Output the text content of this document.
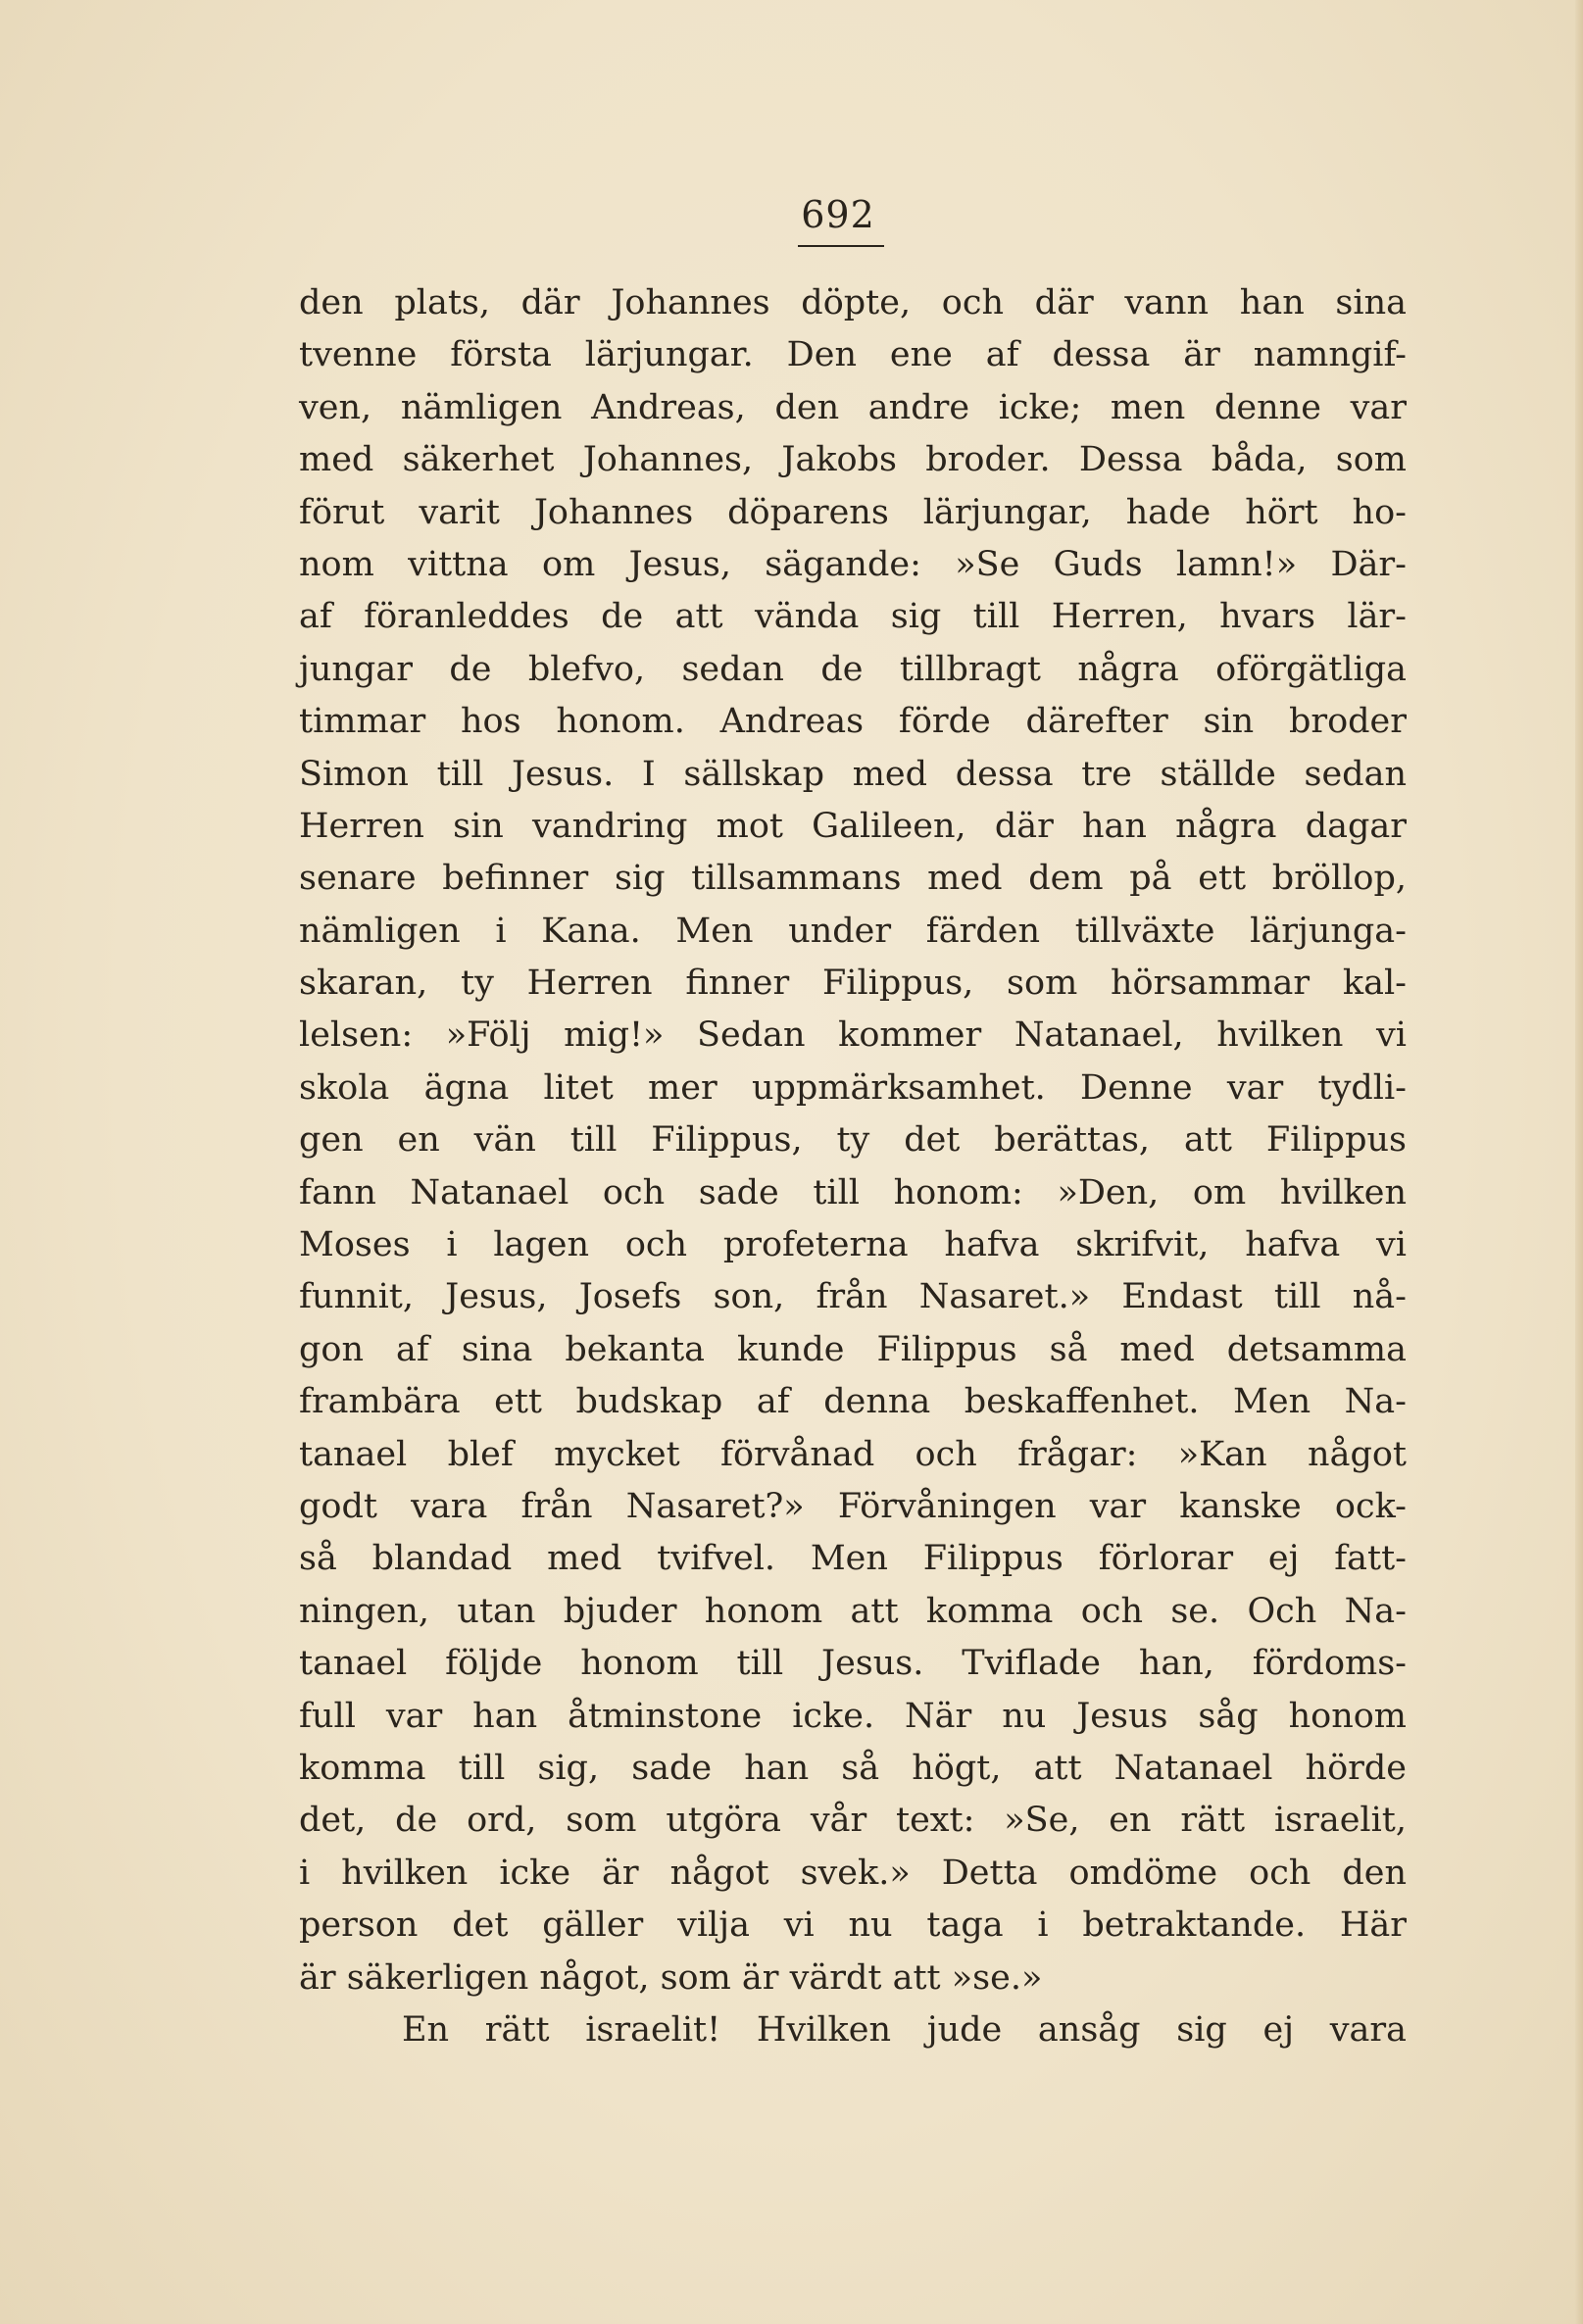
692
den plats, där Johannes döpte, och där vann han sina
tvenne första lärjungar. Den ene af dessa är namngif-
ven, nämligen Andreas, den andre icke; men denne var
med säkerhet Johannes, Jakobs broder. Dessa båda, som
förut varit Johannes döparens lärjungar, hade hört ho-
nom vittna om Jesus, sägande: »Se Guds lamn!» Där-
af föranleddes de att vända sig till Herren, hvars lär-
jungar de blefvo, sedan de tillbragt några oförgätliga
timmar hos honom. Andreas förde därefter sin broder
Simon till Jesus. I sällskap med dessa tre ställde sedan
Herren sin vandring mot Galileen, där han några dagar
senare befinner sig tillsammans med dem på ett bröllop,
nämligen i Kana. Men under färden tillväxte lärjunga-
skaran, ty Herren finner Filippus, som hörsammar kal-
lelsen: »Följ mig!» Sedan kommer Natanael, hvilken vi
skola ägna litet mer uppmärksamhet. Denne var tydli-
gen en vän till Filippus, ty det berättas, att Filippus
fann Natanael och sade till honom: »Den, om hvilken
Moses i lagen och profeterna hafva skrifvit, hafva vi
funnit, Jesus, Josefs son, från Nasaret.» Endast till nå-
gon af sina bekanta kunde Filippus så med detsamma
frambära ett budskap af denna beskaffenhet. Men Na-
tanael blef mycket förvånad och frågar: »Kan något
godt vara från Nasaret?» Förvåningen var kanske ock-
så blandad med tvifvel. Men Filippus förlorar ej fatt-
ningen, utan bjuder honom att komma och se. Och Na-
tanael följde honom till Jesus. Tviflade han, fördoms-
full var han åtminstone icke. När nu Jesus såg honom
komma till sig, sade han så högt, att Natanael hörde
det, de ord, som utgöra vår text: »Se, en rätt israelit,
i hvilken icke är något svek.» Detta omdöme och den
person det gäller vilja vi nu taga i betraktande. Här
är säkerligen något, som är värdt att »se.»
En rätt israelit! Hvilken jude ansåg sig ej vara
